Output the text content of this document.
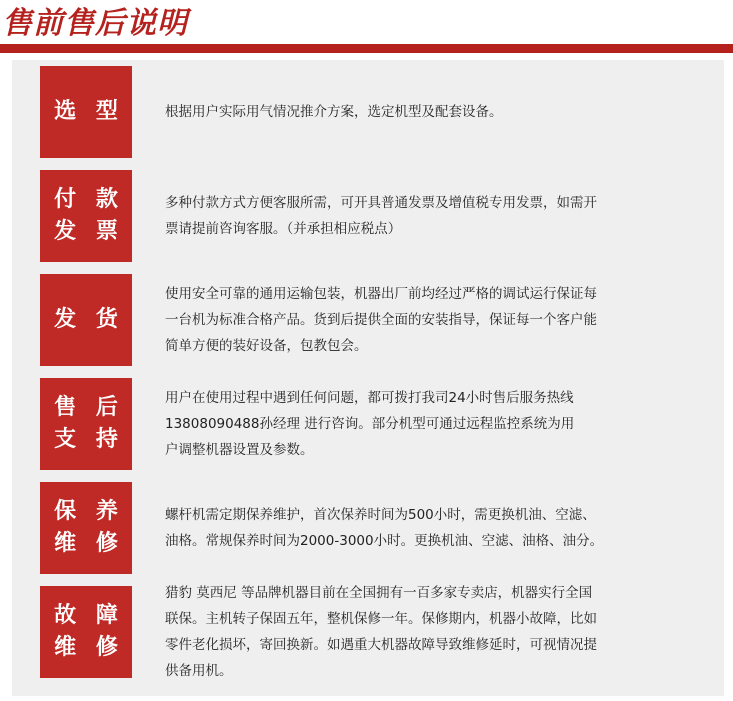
售前售后说明
选 型	根据用户实际用气情况推介方案，选定机型及配套设备。
付 款
发 票
多种付款方式方便客服所需，可开具普通发票及增值税专用发票，如需开
票请提前咨询客服。（并承担相应税点）
发 货
使用安全可靠的通用运输包装，机器出厂前均经过严格的调试运行保证每
一台机为标准合格产品。货到后提供全面的安装指导，保证每一个客户能
简单方便的装好设备，包教包会。
售 后
支 持
用户在使用过程中遇到任何问题，都可拨打我司24小时售后服务热线
13808090488孙经理 进行咨询。部分机型可通过远程监控系统为用
户调整机器设置及参数。
保 养
维 修
螺杆机需定期保养维护，首次保养时间为500小时，需更换机油、空滤、
油格。常规保养时间为2000-3000小时。更换机油、空滤、油格、油分。
故 障
维 修
猎豹 莫西尼 等品牌机器目前在全国拥有一百多家专卖店，机器实行全国
联保。主机转子保固五年，整机保修一年。保修期内，机器小故障，比如
零件老化损坏，寄回换新。如遇重大机器故障导致维修延时，可视情况提
供备用机。
